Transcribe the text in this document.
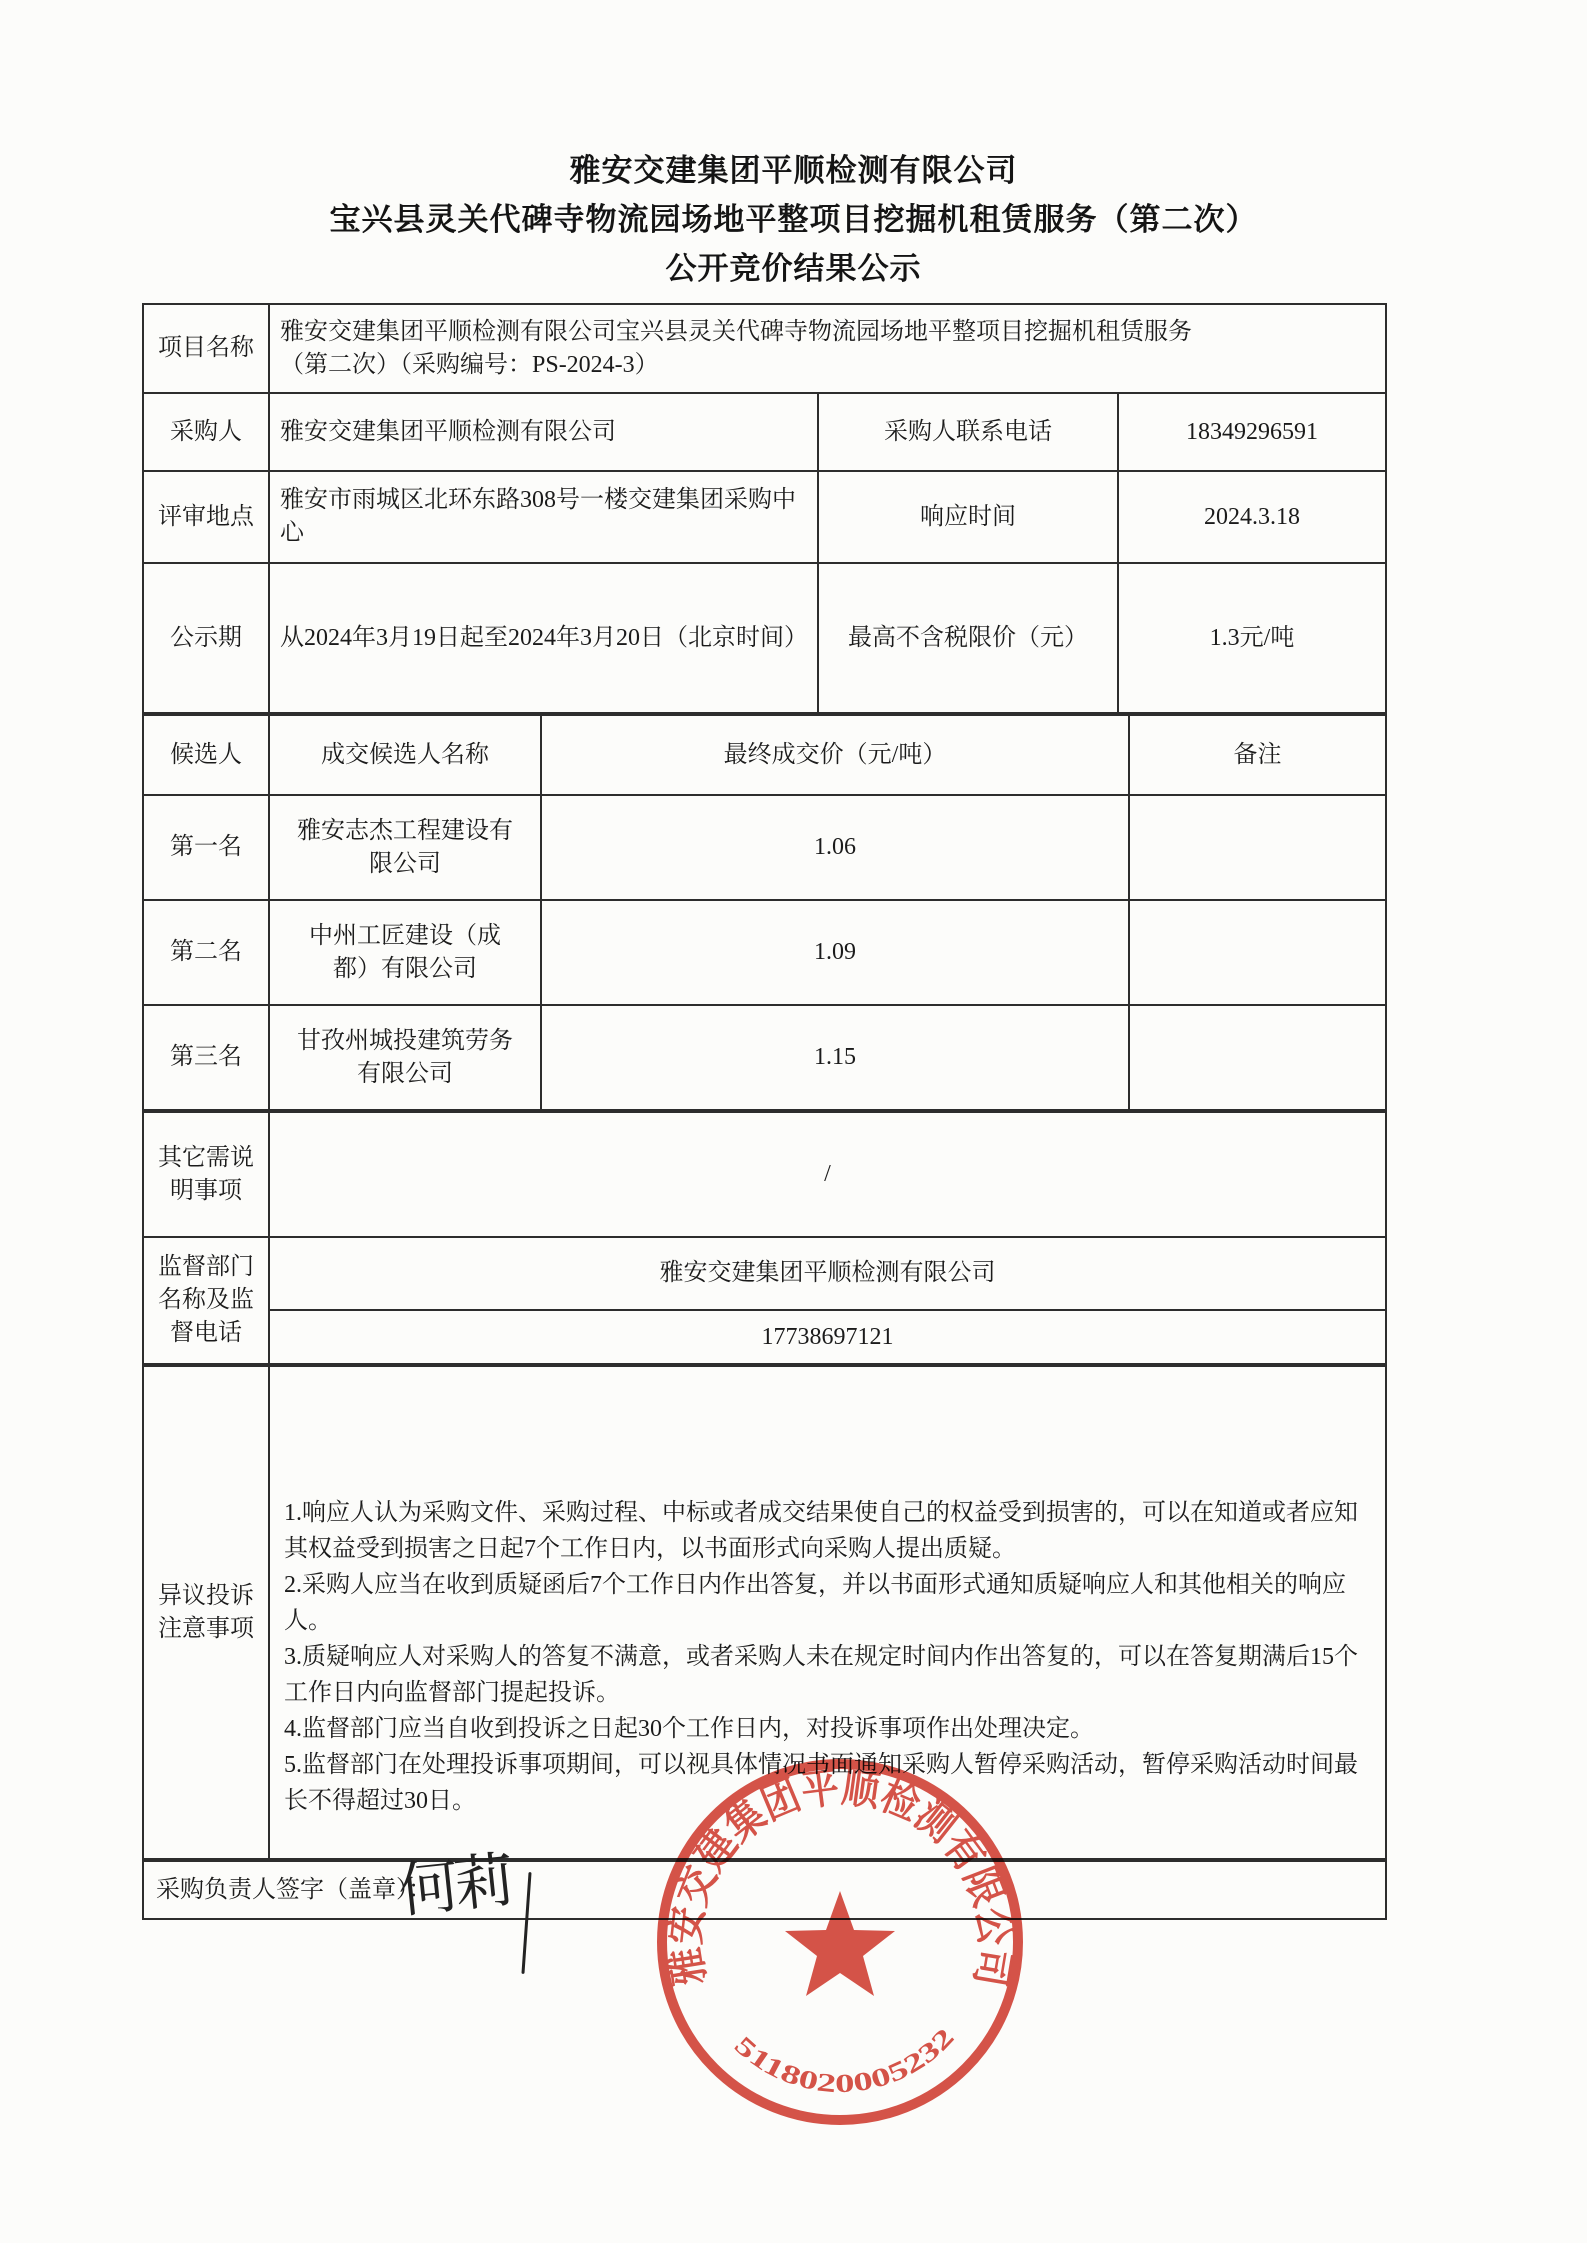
雅安交建集团平顺检测有限公司
宝兴县灵关代碑寺物流园场地平整项目挖掘机租赁服务（第二次）
公开竞价结果公示
项目名称	雅安交建集团平顺检测有限公司宝兴县灵关代碑寺物流园场地平整项目挖掘机租赁服务
（第二次）（采购编号：PS-2024-3）		

采购人	雅安交建集团平顺检测有限公司	采购人联系电话	18349296591
评审地点	雅安市雨城区北环东路308号一楼交建集团采购中心	响应时间	2024.3.18
公示期	从2024年3月19日起至2024年3月20日（北京时间）	最高不含税限价（元）	1.3元/吨
候选人	成交候选人名称	最终成交价（元/吨）	备注
第一名	雅安志杰工程建设有限公司	1.06	
第二名	中州工匠建设（成都）有限公司	1.09	
第三名	甘孜州城投建筑劳务有限公司	1.15	
其它需说明事项	/
监督部门名称及监督电话	雅安交建集团平顺检测有限公司
	17738697121
异议投诉注意事项	

1.响应人认为采购文件、采购过程、中标或者成交结果使自己的权益受到损害的，可以在知道或者应知其权益受到损害之日起7个工作日内，以书面形式向采购人提出质疑。

2.采购人应当在收到质疑函后7个工作日内作出答复，并以书面形式通知质疑响应人和其他相关的响应人。

3.质疑响应人对采购人的答复不满意，或者采购人未在规定时间内作出答复的，可以在答复期满后15个工作日内向监督部门提起投诉。

4.监督部门应当自收到投诉之日起30个工作日内，对投诉事项作出处理决定。

5.监督部门在处理投诉事项期间，可以视具体情况书面通知采购人暂停采购活动，暂停采购活动时间最长不得超过30日。

采购负责人签字（盖章）：
何莉
雅安交建集团平顺检测有限公司
5118020005232
